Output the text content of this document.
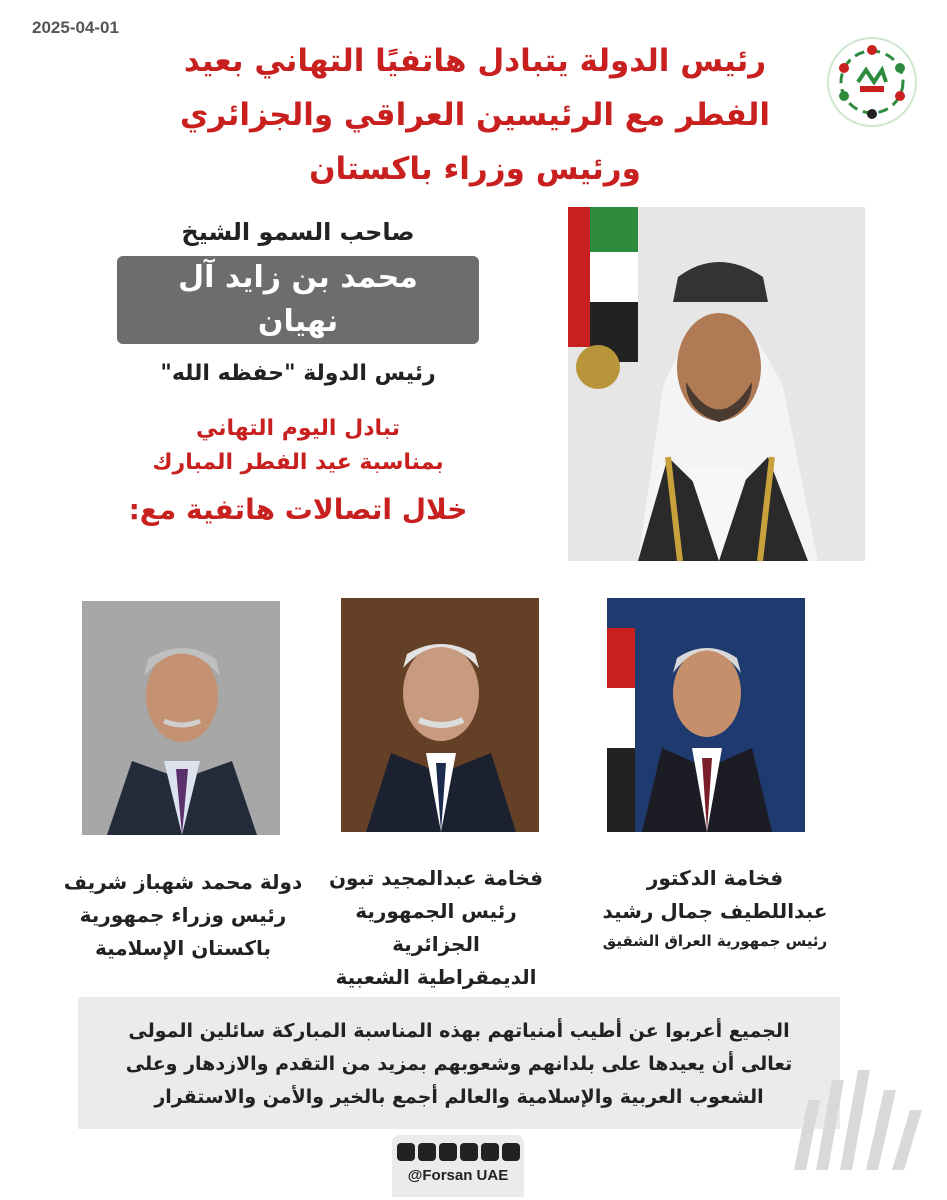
2025-04-01
رئيس الدولة يتبادل هاتفيًا التهاني بعيد
الفطر مع الرئيسين العراقي والجزائري
ورئيس وزراء باكستان
صاحب السمو الشيخ
محمد بن زايد آل نهيان
رئيس الدولة "حفظه الله"
تبادل اليوم التهاني
بمناسبة عيد الفطر المبارك
خلال اتصالات هاتفية مع:
فخامة الدكتور
عبداللطيف جمال رشيد
رئيس جمهورية العراق الشقيق
فخامة عبدالمجيد تبون
رئيس الجمهورية الجزائرية
الديمقراطية الشعبية
دولة محمد شهباز شريف
رئيس وزراء جمهورية
باكستان الإسلامية
الجميع أعربوا عن أطيب أمنياتهم بهذه المناسبة المباركة سائلين المولى
تعالى أن يعيدها على بلدانهم وشعوبهم بمزيد من التقدم والازدهار وعلى
الشعوب العربية والإسلامية والعالم أجمع بالخير والأمن والاستقرار
@Forsan UAE
